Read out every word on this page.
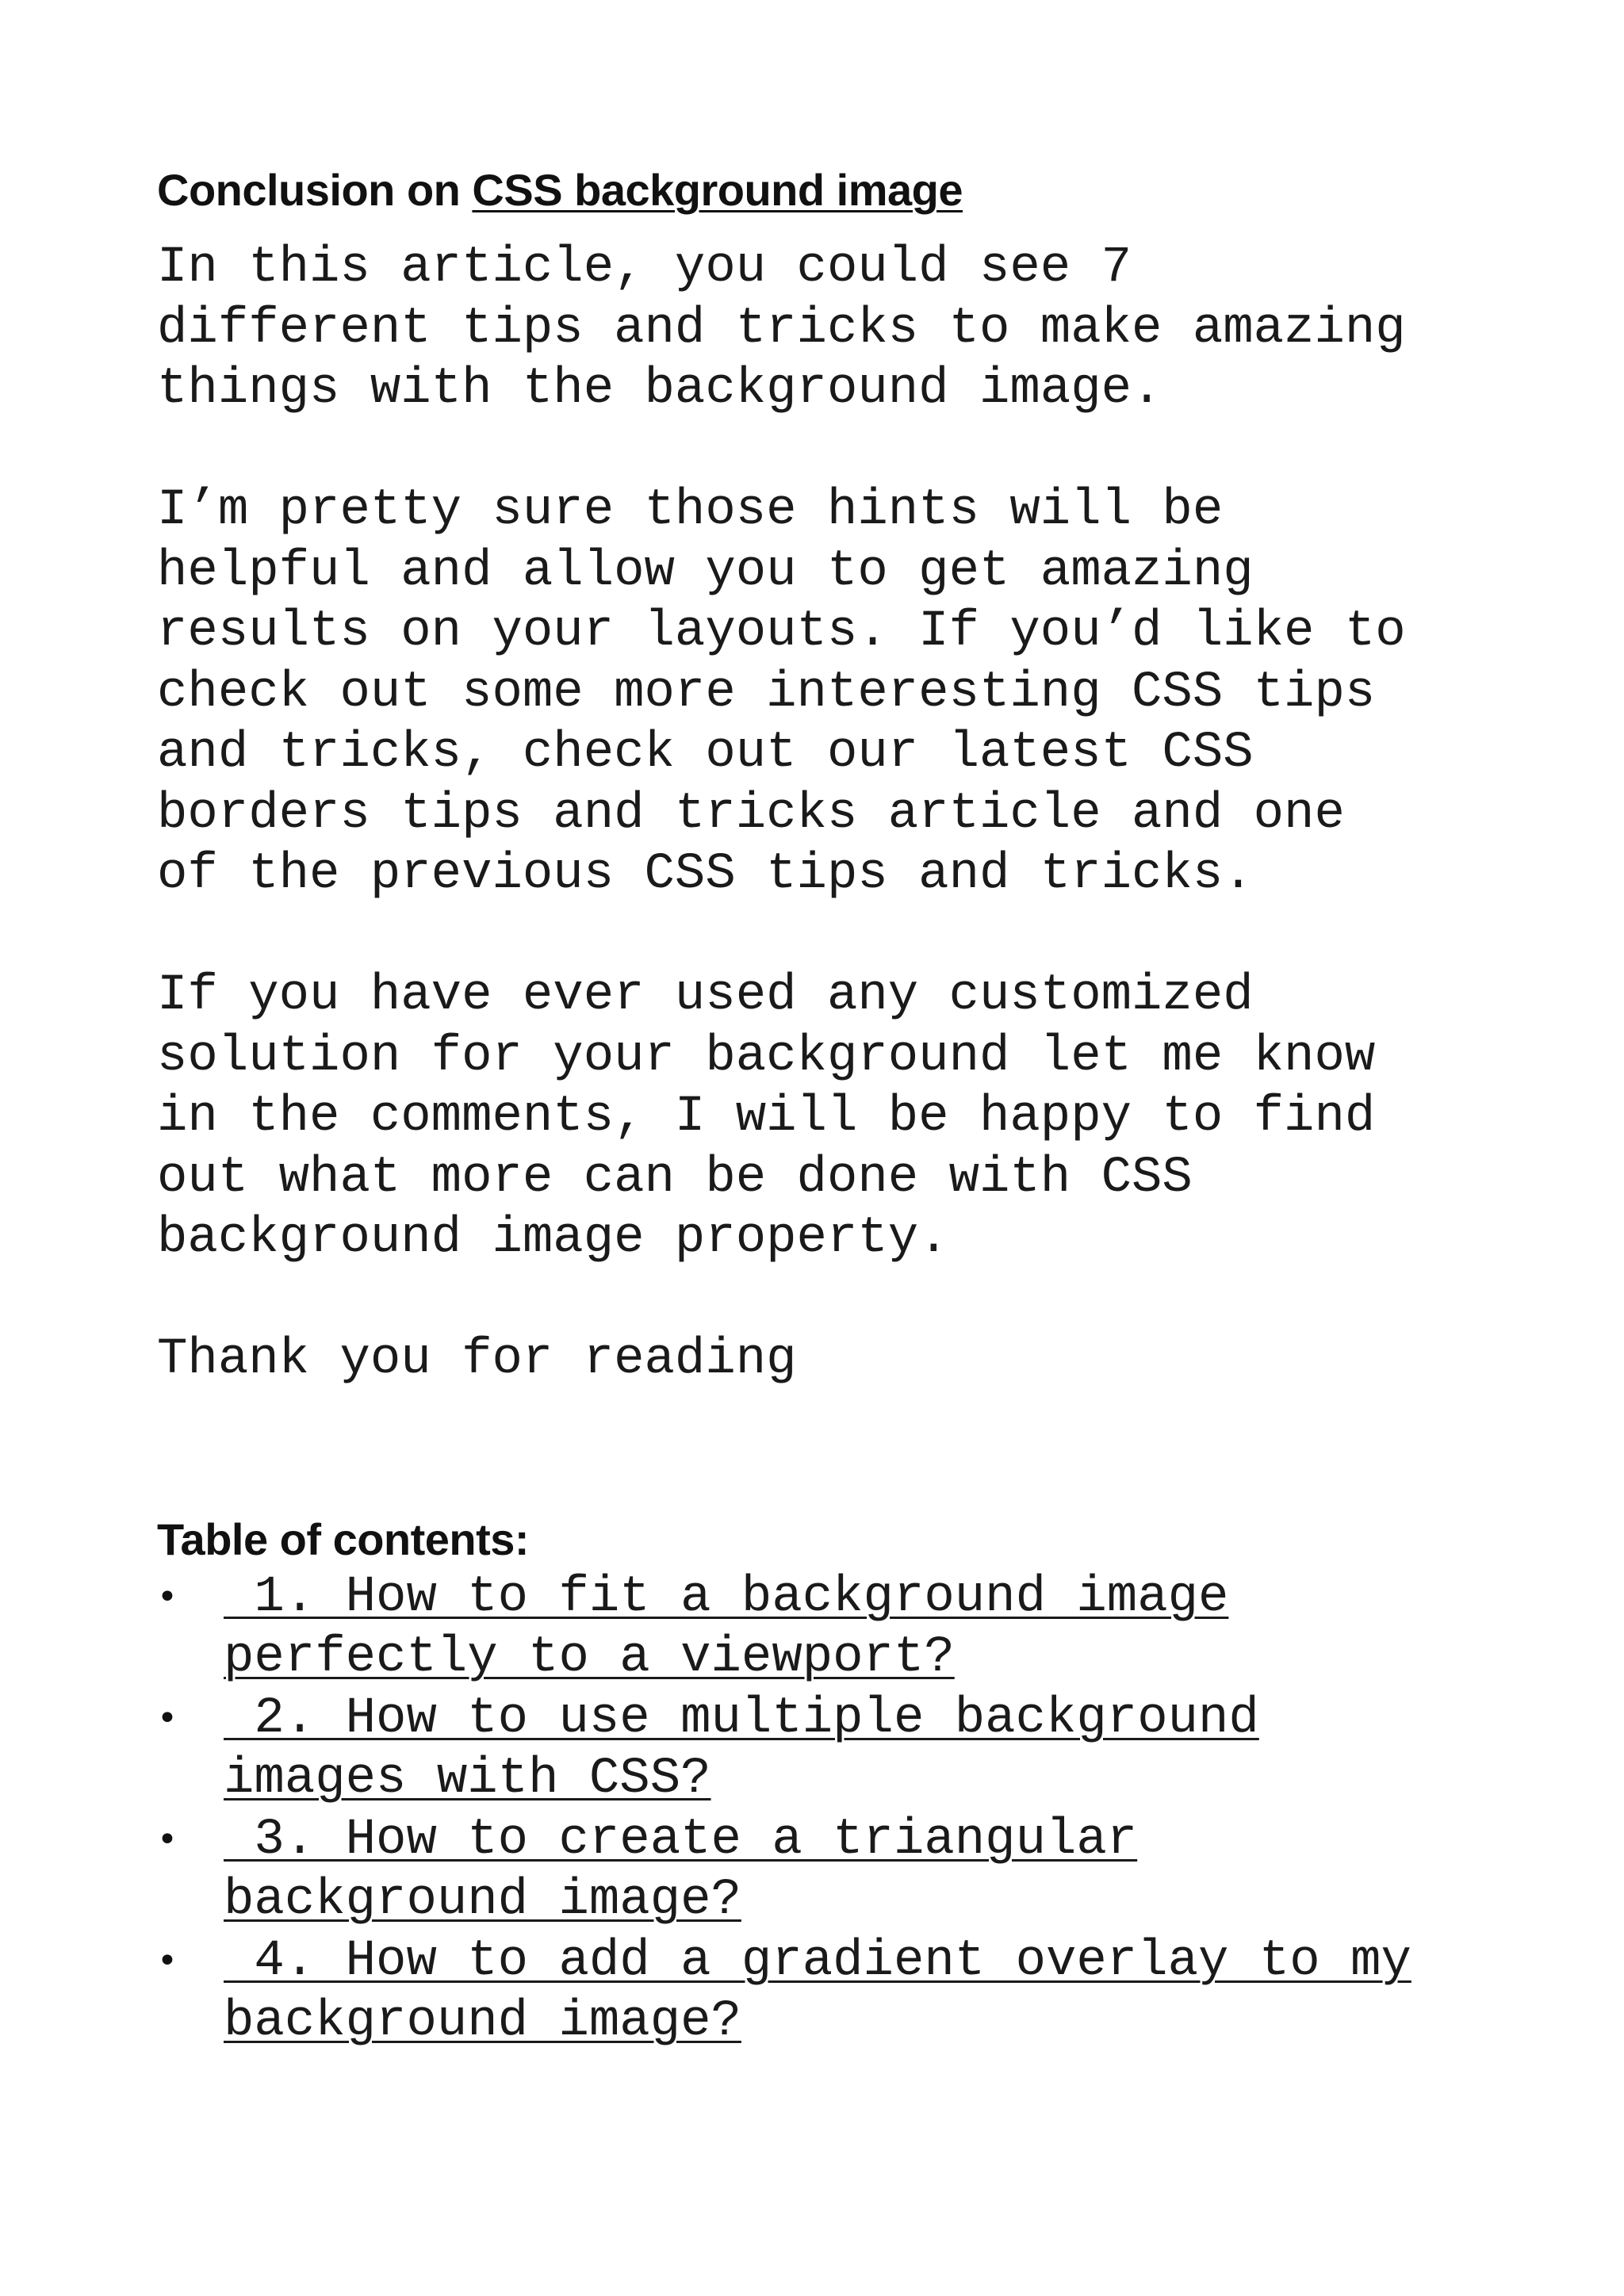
Conclusion on CSS background image

In this article, you could see 7
different tips and tricks to make amazing
things with the background image.

I’m pretty sure those hints will be
helpful and allow you to get amazing
results on your layouts. If you’d like to
check out some more interesting CSS tips
and tricks, check out our latest CSS
borders tips and tricks article and one
of the previous CSS tips and tricks.

If you have ever used any customized
solution for your background let me know
in the comments, I will be happy to find
out what more can be done with CSS
background image property.

Thank you for reading

Table of contents:
• 1. How to fit a background image
perfectly to a viewport?
• 2. How to use multiple background
images with CSS?
• 3. How to create a triangular
background image?
• 4. How to add a gradient overlay to my
background image?
